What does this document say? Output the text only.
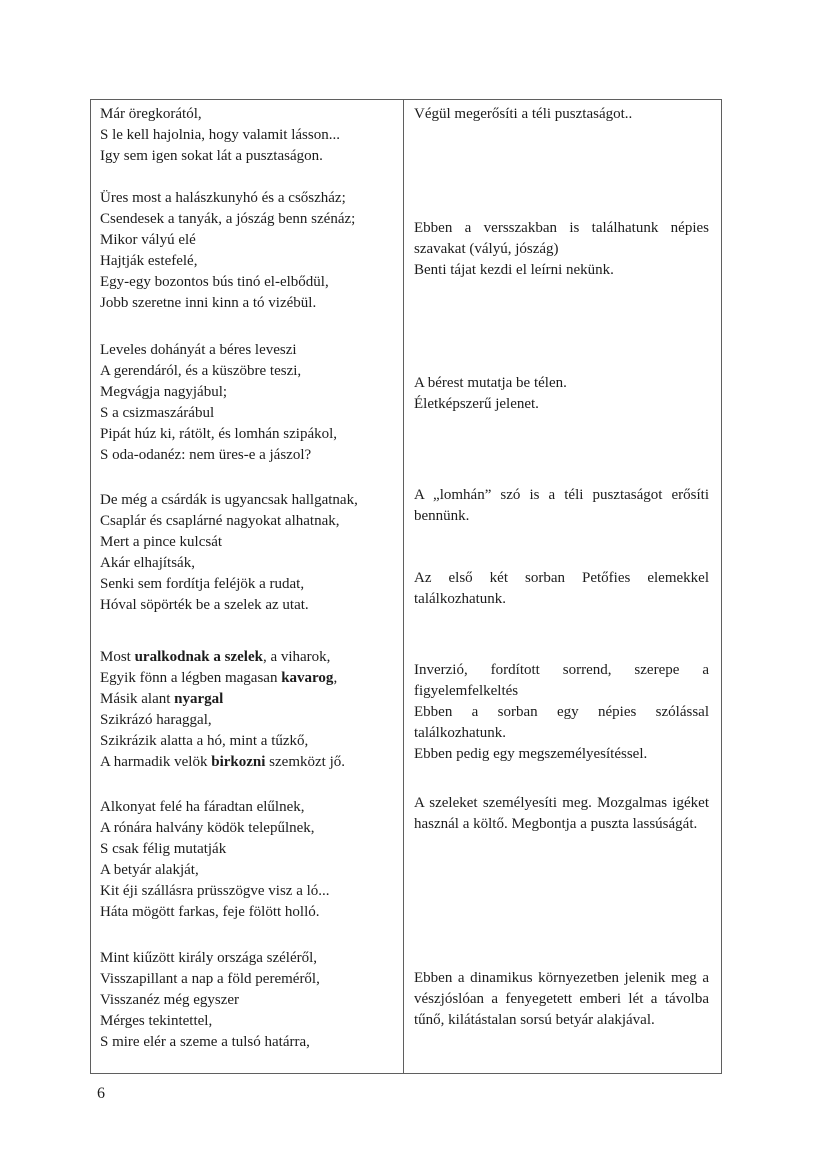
Már öregkorától,
S le kell hajolnia, hogy valamit lásson...
Igy sem igen sokat lát a pusztaságon.
Üres most a halászkunyhó és a csőszház;
Csendesek a tanyák, a jószág benn szénáz;
Mikor vályú elé
Hajtják estefelé,
Egy-egy bozontos bús tinó el-elbődül,
Jobb szeretne inni kinn a tó vizébül.
Leveles dohányát a béres leveszi
A gerendáról, és a küszöbre teszi,
Megvágja nagyjábul;
S a csizmaszárábul
Pipát húz ki, rátölt, és lomhán szipákol,
S oda-odanéz: nem üres-e a jászol?
De még a csárdák is ugyancsak hallgatnak,
Csaplár és csaplárné nagyokat alhatnak,
Mert a pince kulcsát
Akár elhajítsák,
Senki sem fordítja feléjök a rudat,
Hóval söpörték be a szelek az utat.
Most uralkodnak a szelek, a viharok,
Egyik fönn a légben magasan kavarog,
Másik alant nyargal
Szikrázó haraggal,
Szikrázik alatta a hó, mint a tűzkő,
A harmadik velök birkozni szemközt jő.
Alkonyat felé ha fáradtan elűlnek,
A rónára halvány ködök telepűlnek,
S csak félig mutatják
A betyár alakját,
Kit éji szállásra prüsszögve visz a ló...
Háta mögött farkas, feje fölött holló.
Mint kiűzött király országa széléről,
Visszapillant a nap a föld pereméről,
Visszanéz még egyszer
Mérges tekintettel,
S mire elér a szeme a tulsó határra,

Végül megerősíti a téli pusztaságot..

Ebben a versszakban is találhatunk népies szavakat (vályú, jószág)

Benti tájat kezdi el leírni nekünk.

A bérest mutatja be télen.

Életképszerű jelenet.

A „lomhán” szó is a téli pusztaságot erősíti bennünk.

Az első két sorban Petőfies elemekkel találkozhatunk.

Inverzió, fordított sorrend, szerepe a figyelemfelkeltés

Ebben a sorban egy népies szólással találkozhatunk.

Ebben pedig egy megszemélyesítéssel.

A szeleket személyesíti meg. Mozgalmas igéket használ a költő. Megbontja a puszta lassúságát.

Ebben a dinamikus környezetben jelenik meg a vészjóslóan a fenyegetett emberi lét a távolba tűnő, kilátástalan sorsú betyár alakjával.

6
